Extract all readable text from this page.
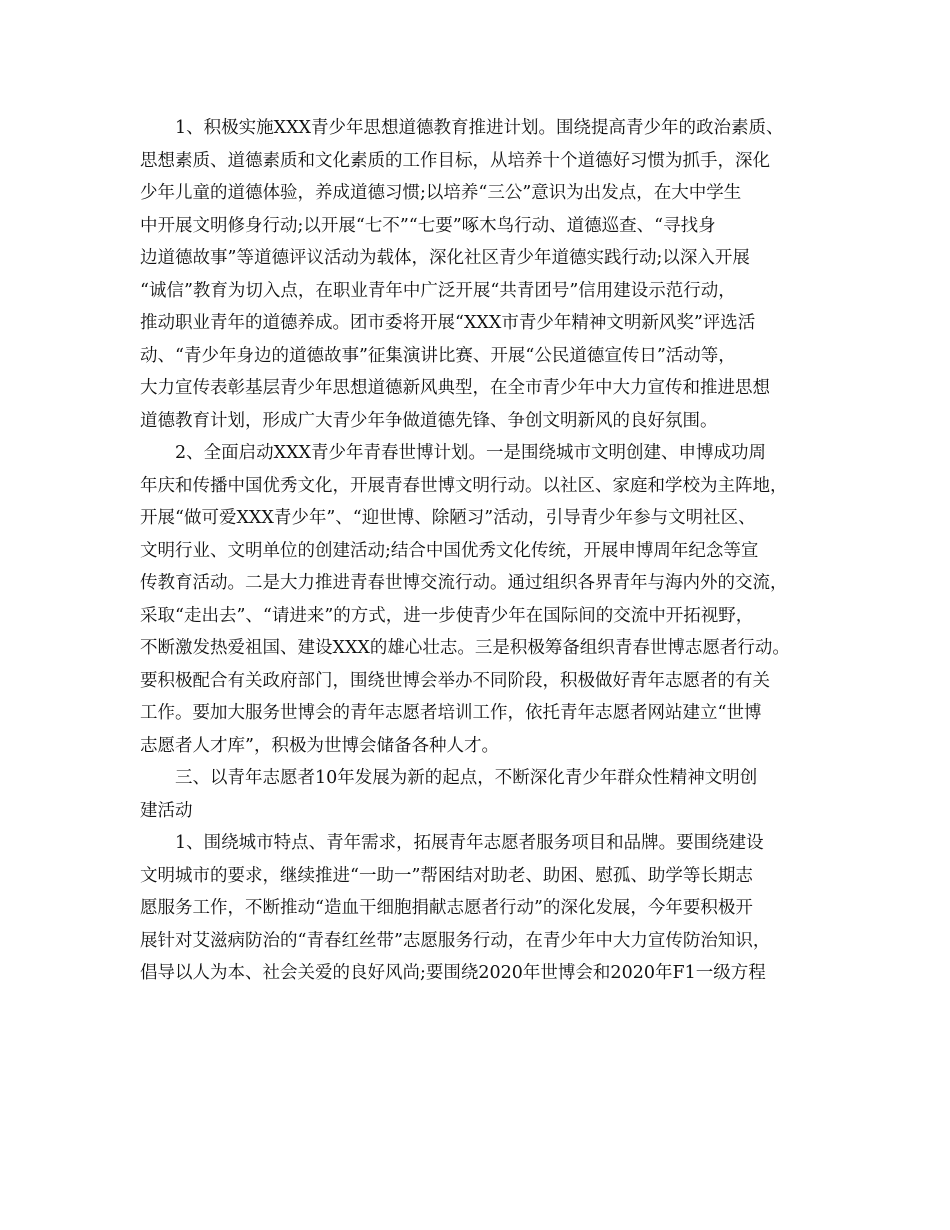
1、积极实施XXX青少年思想道德教育推进计划。围绕提高青少年的政治素质、
思想素质、道德素质和文化素质的工作目标，从培养十个道德好习惯为抓手，深化
少年儿童的道德体验，养成道德习惯;以培养“三公”意识为出发点，在大中学生
中开展文明修身行动;以开展“七不”“七要”啄木鸟行动、道德巡查、“寻找身
边道德故事”等道德评议活动为载体，深化社区青少年道德实践行动;以深入开展
“诚信”教育为切入点，在职业青年中广泛开展“共青团号”信用建设示范行动，
推动职业青年的道德养成。团市委将开展“XXX市青少年精神文明新风奖”评选活
动、“青少年身边的道德故事”征集演讲比赛、开展“公民道德宣传日”活动等，
大力宣传表彰基层青少年思想道德新风典型，在全市青少年中大力宣传和推进思想
道德教育计划，形成广大青少年争做道德先锋、争创文明新风的良好氛围。
2、全面启动XXX青少年青春世博计划。一是围绕城市文明创建、申博成功周
年庆和传播中国优秀文化，开展青春世博文明行动。以社区、家庭和学校为主阵地，
开展“做可爱XXX青少年”、“迎世博、除陋习”活动，引导青少年参与文明社区、
文明行业、文明单位的创建活动;结合中国优秀文化传统，开展申博周年纪念等宣
传教育活动。二是大力推进青春世博交流行动。通过组织各界青年与海内外的交流，
采取“走出去”、“请进来”的方式，进一步使青少年在国际间的交流中开拓视野，
不断激发热爱祖国、建设XXX的雄心壮志。三是积极筹备组织青春世博志愿者行动。
要积极配合有关政府部门，围绕世博会举办不同阶段，积极做好青年志愿者的有关
工作。要加大服务世博会的青年志愿者培训工作，依托青年志愿者网站建立“世博
志愿者人才库”，积极为世博会储备各种人才。
三、以青年志愿者10年发展为新的起点，不断深化青少年群众性精神文明创
建活动
1、围绕城市特点、青年需求，拓展青年志愿者服务项目和品牌。要围绕建设
文明城市的要求，继续推进“一助一”帮困结对助老、助困、慰孤、助学等长期志
愿服务工作，不断推动“造血干细胞捐献志愿者行动”的深化发展，今年要积极开
展针对艾滋病防治的“青春红丝带”志愿服务行动，在青少年中大力宣传防治知识，
倡导以人为本、社会关爱的良好风尚;要围绕2020年世博会和2020年F1一级方程
